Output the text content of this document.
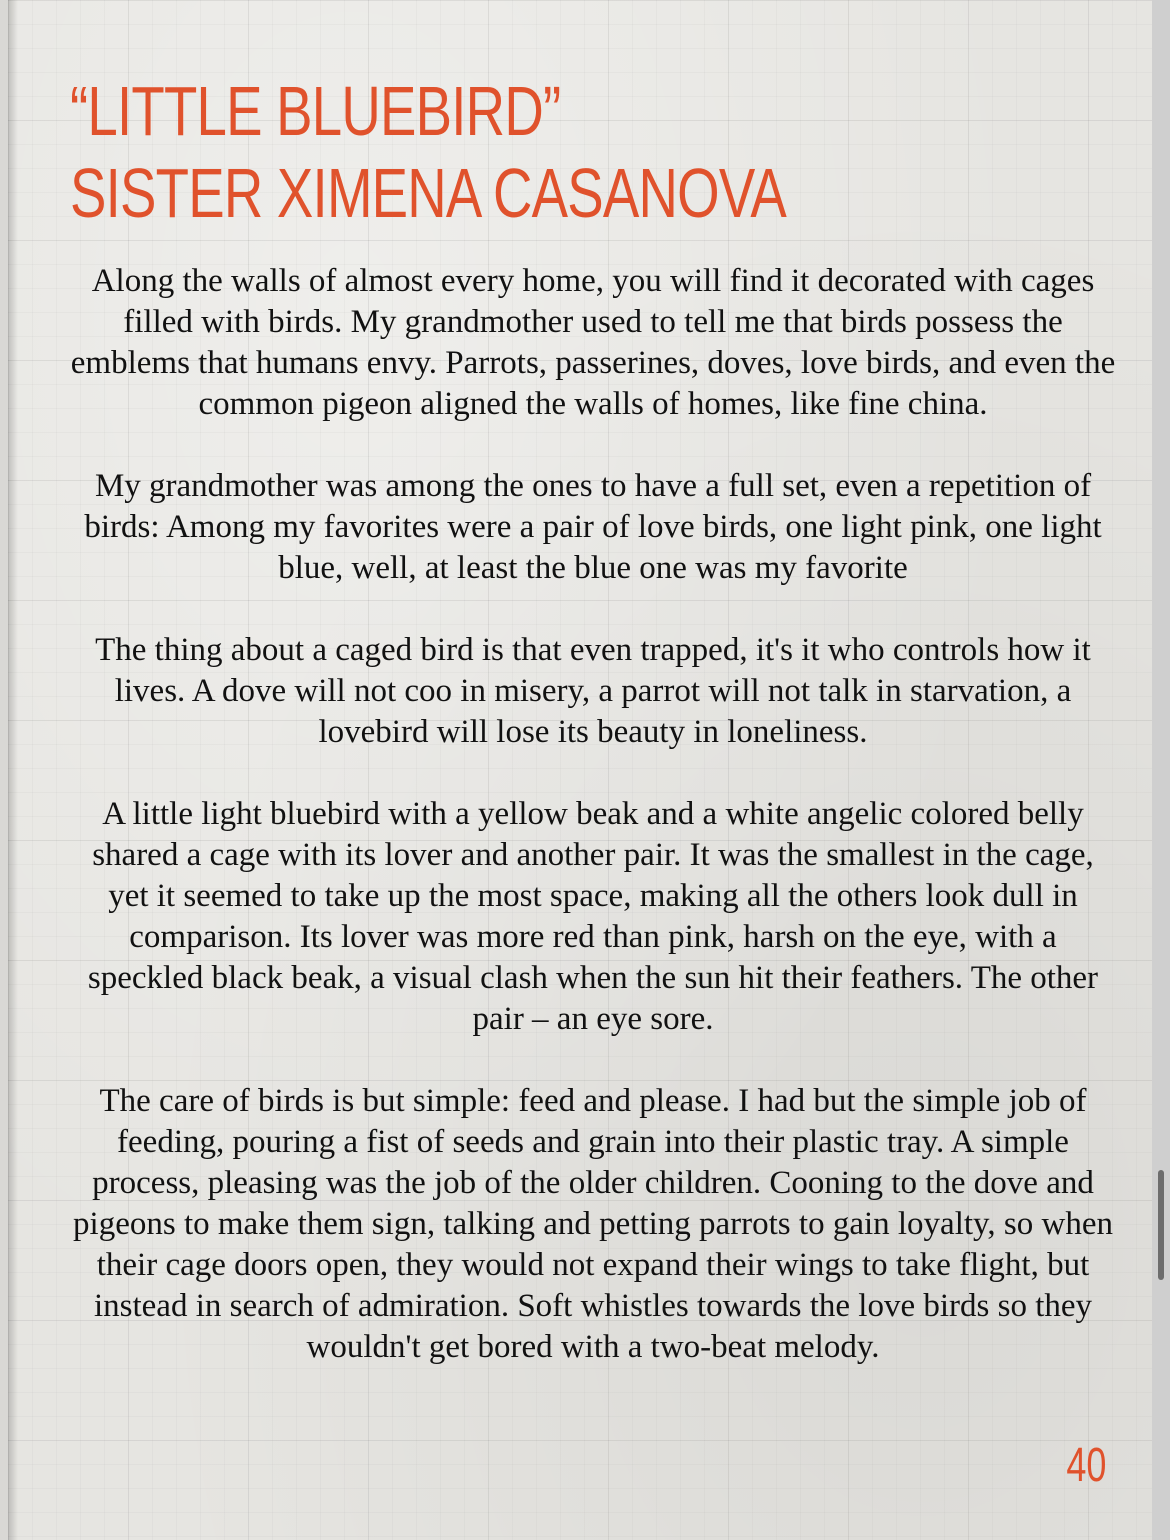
“LITTLE BLUEBIRD”
SISTER XIMENA CASANOVA

Along the walls of almost every home, you will find it decorated with cages filled with birds. My grandmother used to tell me that birds possess the emblems that humans envy. Parrots, passerines, doves, love birds, and even the common pigeon aligned the walls of homes, like fine china.

My grandmother was among the ones to have a full set, even a repetition of birds: Among my favorites were a pair of love birds, one light pink, one light blue, well, at least the blue one was my favorite

The thing about a caged bird is that even trapped, it's it who controls how it lives. A dove will not coo in misery, a parrot will not talk in starvation, a lovebird will lose its beauty in loneliness.

A little light bluebird with a yellow beak and a white angelic colored belly shared a cage with its lover and another pair. It was the smallest in the cage, yet it seemed to take up the most space, making all the others look dull in comparison. Its lover was more red than pink, harsh on the eye, with a speckled black beak, a visual clash when the sun hit their feathers. The other pair – an eye sore.

The care of birds is but simple: feed and please. I had but the simple job of feeding, pouring a fist of seeds and grain into their plastic tray. A simple process, pleasing was the job of the older children. Cooning to the dove and pigeons to make them sign, talking and petting parrots to gain loyalty, so when their cage doors open, they would not expand their wings to take flight, but instead in search of admiration. Soft whistles towards the love birds so they wouldn't get bored with a two-beat melody.

40
